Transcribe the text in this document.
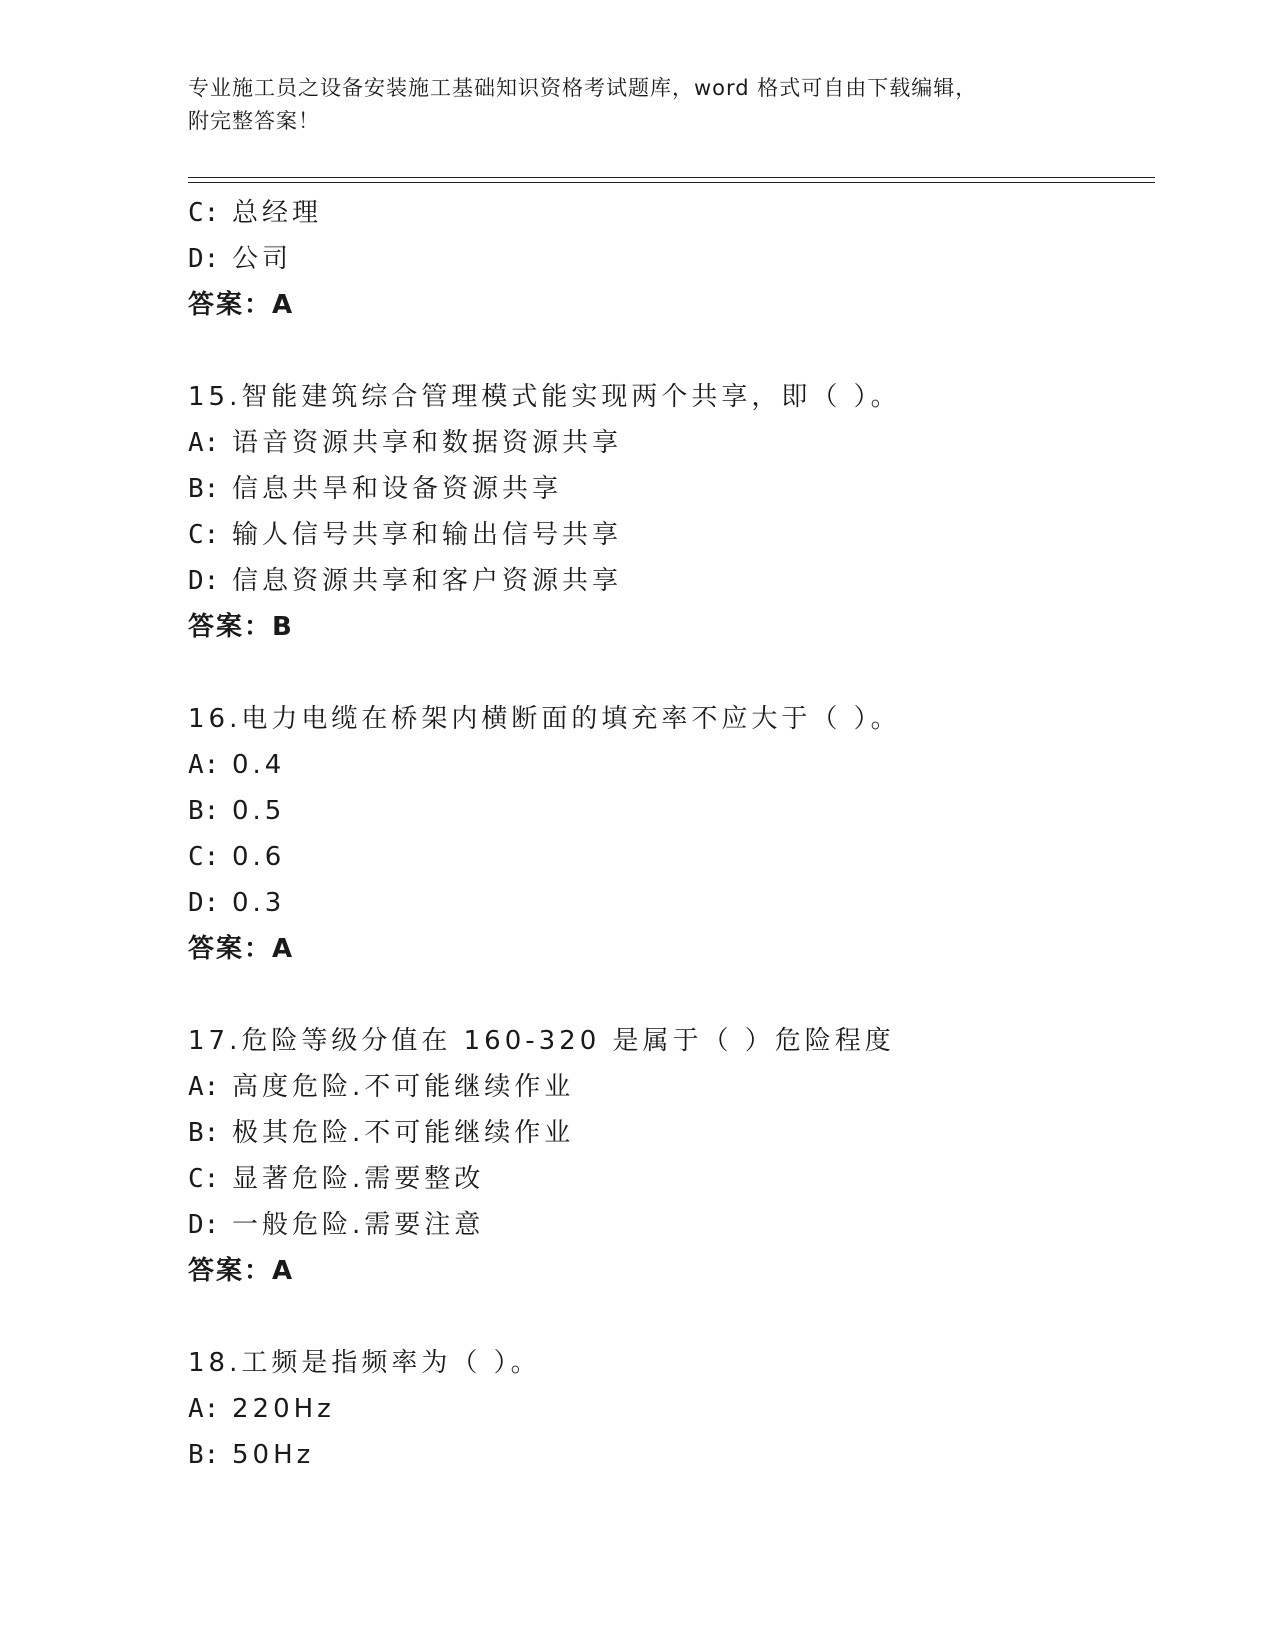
专业施工员之设备安装施工基础知识资格考试题库，word 格式可自由下载编辑，
附完整答案！
C: 总经理
D: 公司
答案：A
15.智能建筑综合管理模式能实现两个共享，即（ ）。
A: 语音资源共享和数据资源共享
B: 信息共旱和设备资源共享
C: 输人信号共享和输出信号共享
D: 信息资源共享和客户资源共享
答案：B
16.电力电缆在桥架内横断面的填充率不应大于（ ）。
A: 0.4
B: 0.5
C: 0.6
D: 0.3
答案：A
17.危险等级分值在 160-320 是属于（ ）危险程度
A: 高度危险.不可能继续作业
B: 极其危险.不可能继续作业
C: 显著危险.需要整改
D: 一般危险.需要注意
答案：A
18.工频是指频率为（ ）。
A: 220Hz
B: 50Hz
